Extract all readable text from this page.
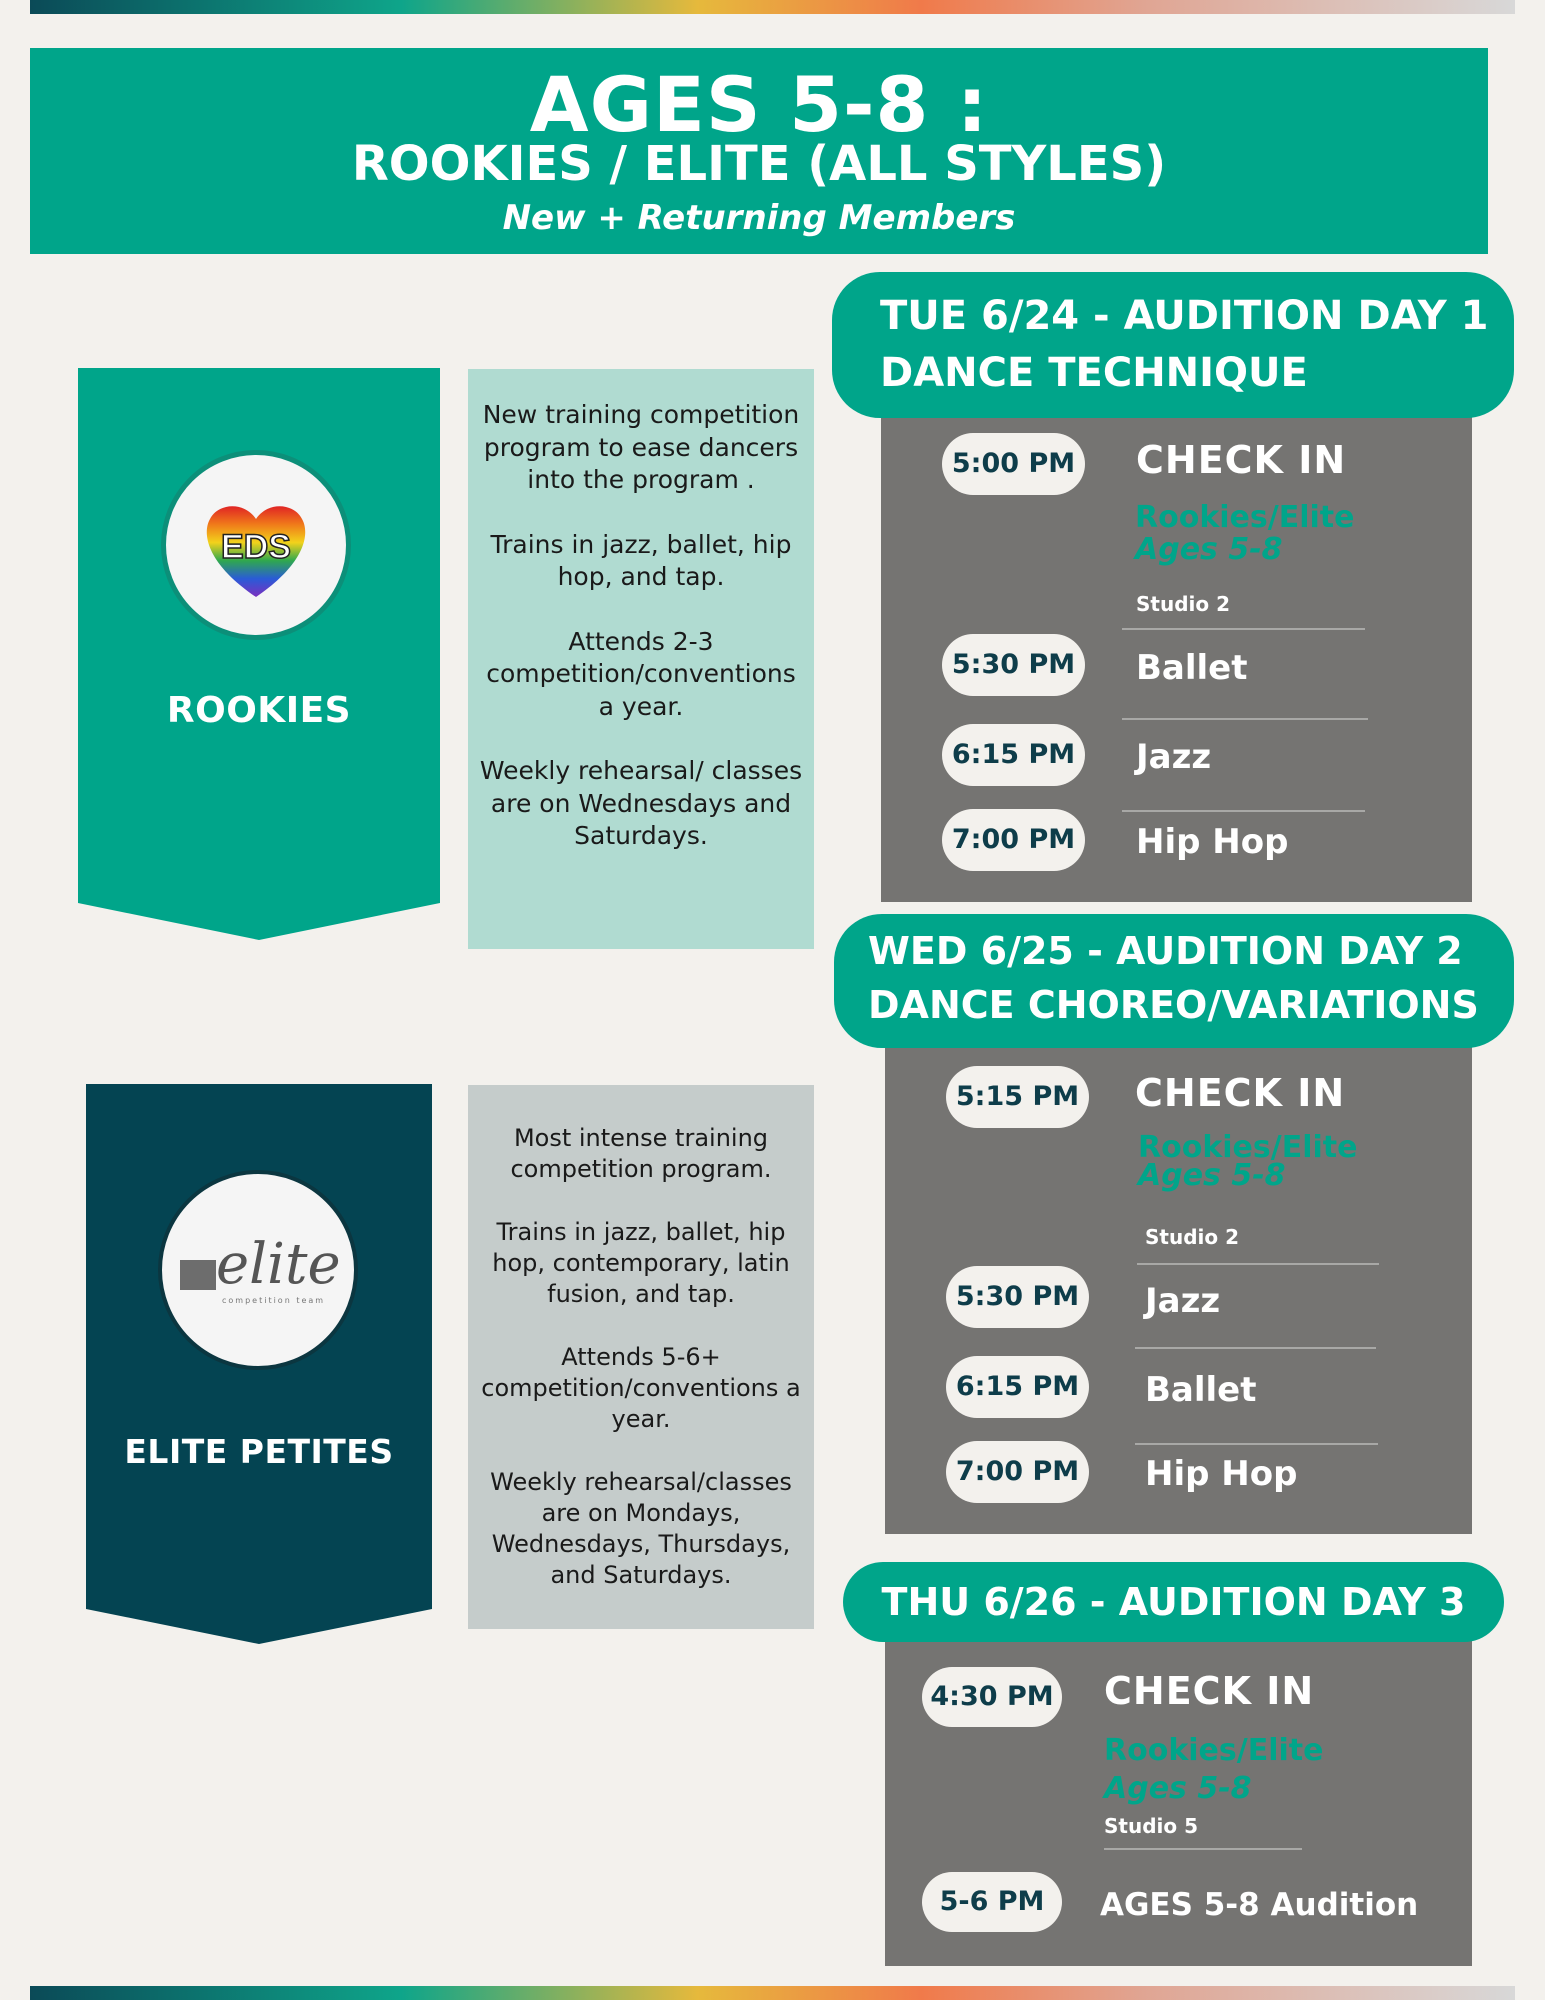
AGES 5-8 :
ROOKIES / ELITE (ALL STYLES)
New + Returning Members
EDS
ROOKIES

New training competition program to ease dancers into the program .

Trains in jazz, ballet, hip hop, and tap.

Attends 2-3 competition/conventions a year.

Weekly rehearsal/ classes are on Wednesdays and Saturdays.

elite
competition team
ELITE PETITES

Most intense training competition program.

Trains in jazz, ballet, hip hop, contemporary, latin fusion, and tap.

Attends 5-6+ competition/conventions a year.

Weekly rehearsal/classes are on Mondays, Wednesdays, Thursdays, and Saturdays.

TUE 6/24 - AUDITION DAY 1
DANCE TECHNIQUE
5:00 PM CHECK IN
Rookies/Elite
Ages 5-8
Studio 2
5:30 PM Ballet
6:15 PM Jazz
7:00 PM Hip Hop
WED 6/25 - AUDITION DAY 2
DANCE CHOREO/VARIATIONS
5:15 PM CHECK IN
Rookies/Elite
Ages 5-8
Studio 2
5:30 PM Jazz
6:15 PM Ballet
7:00 PM Hip Hop
THU 6/26 - AUDITION DAY 3
4:30 PM CHECK IN
Rookies/Elite
Ages 5-8
Studio 5
5-6 PM	AGES 5-8 Audition
